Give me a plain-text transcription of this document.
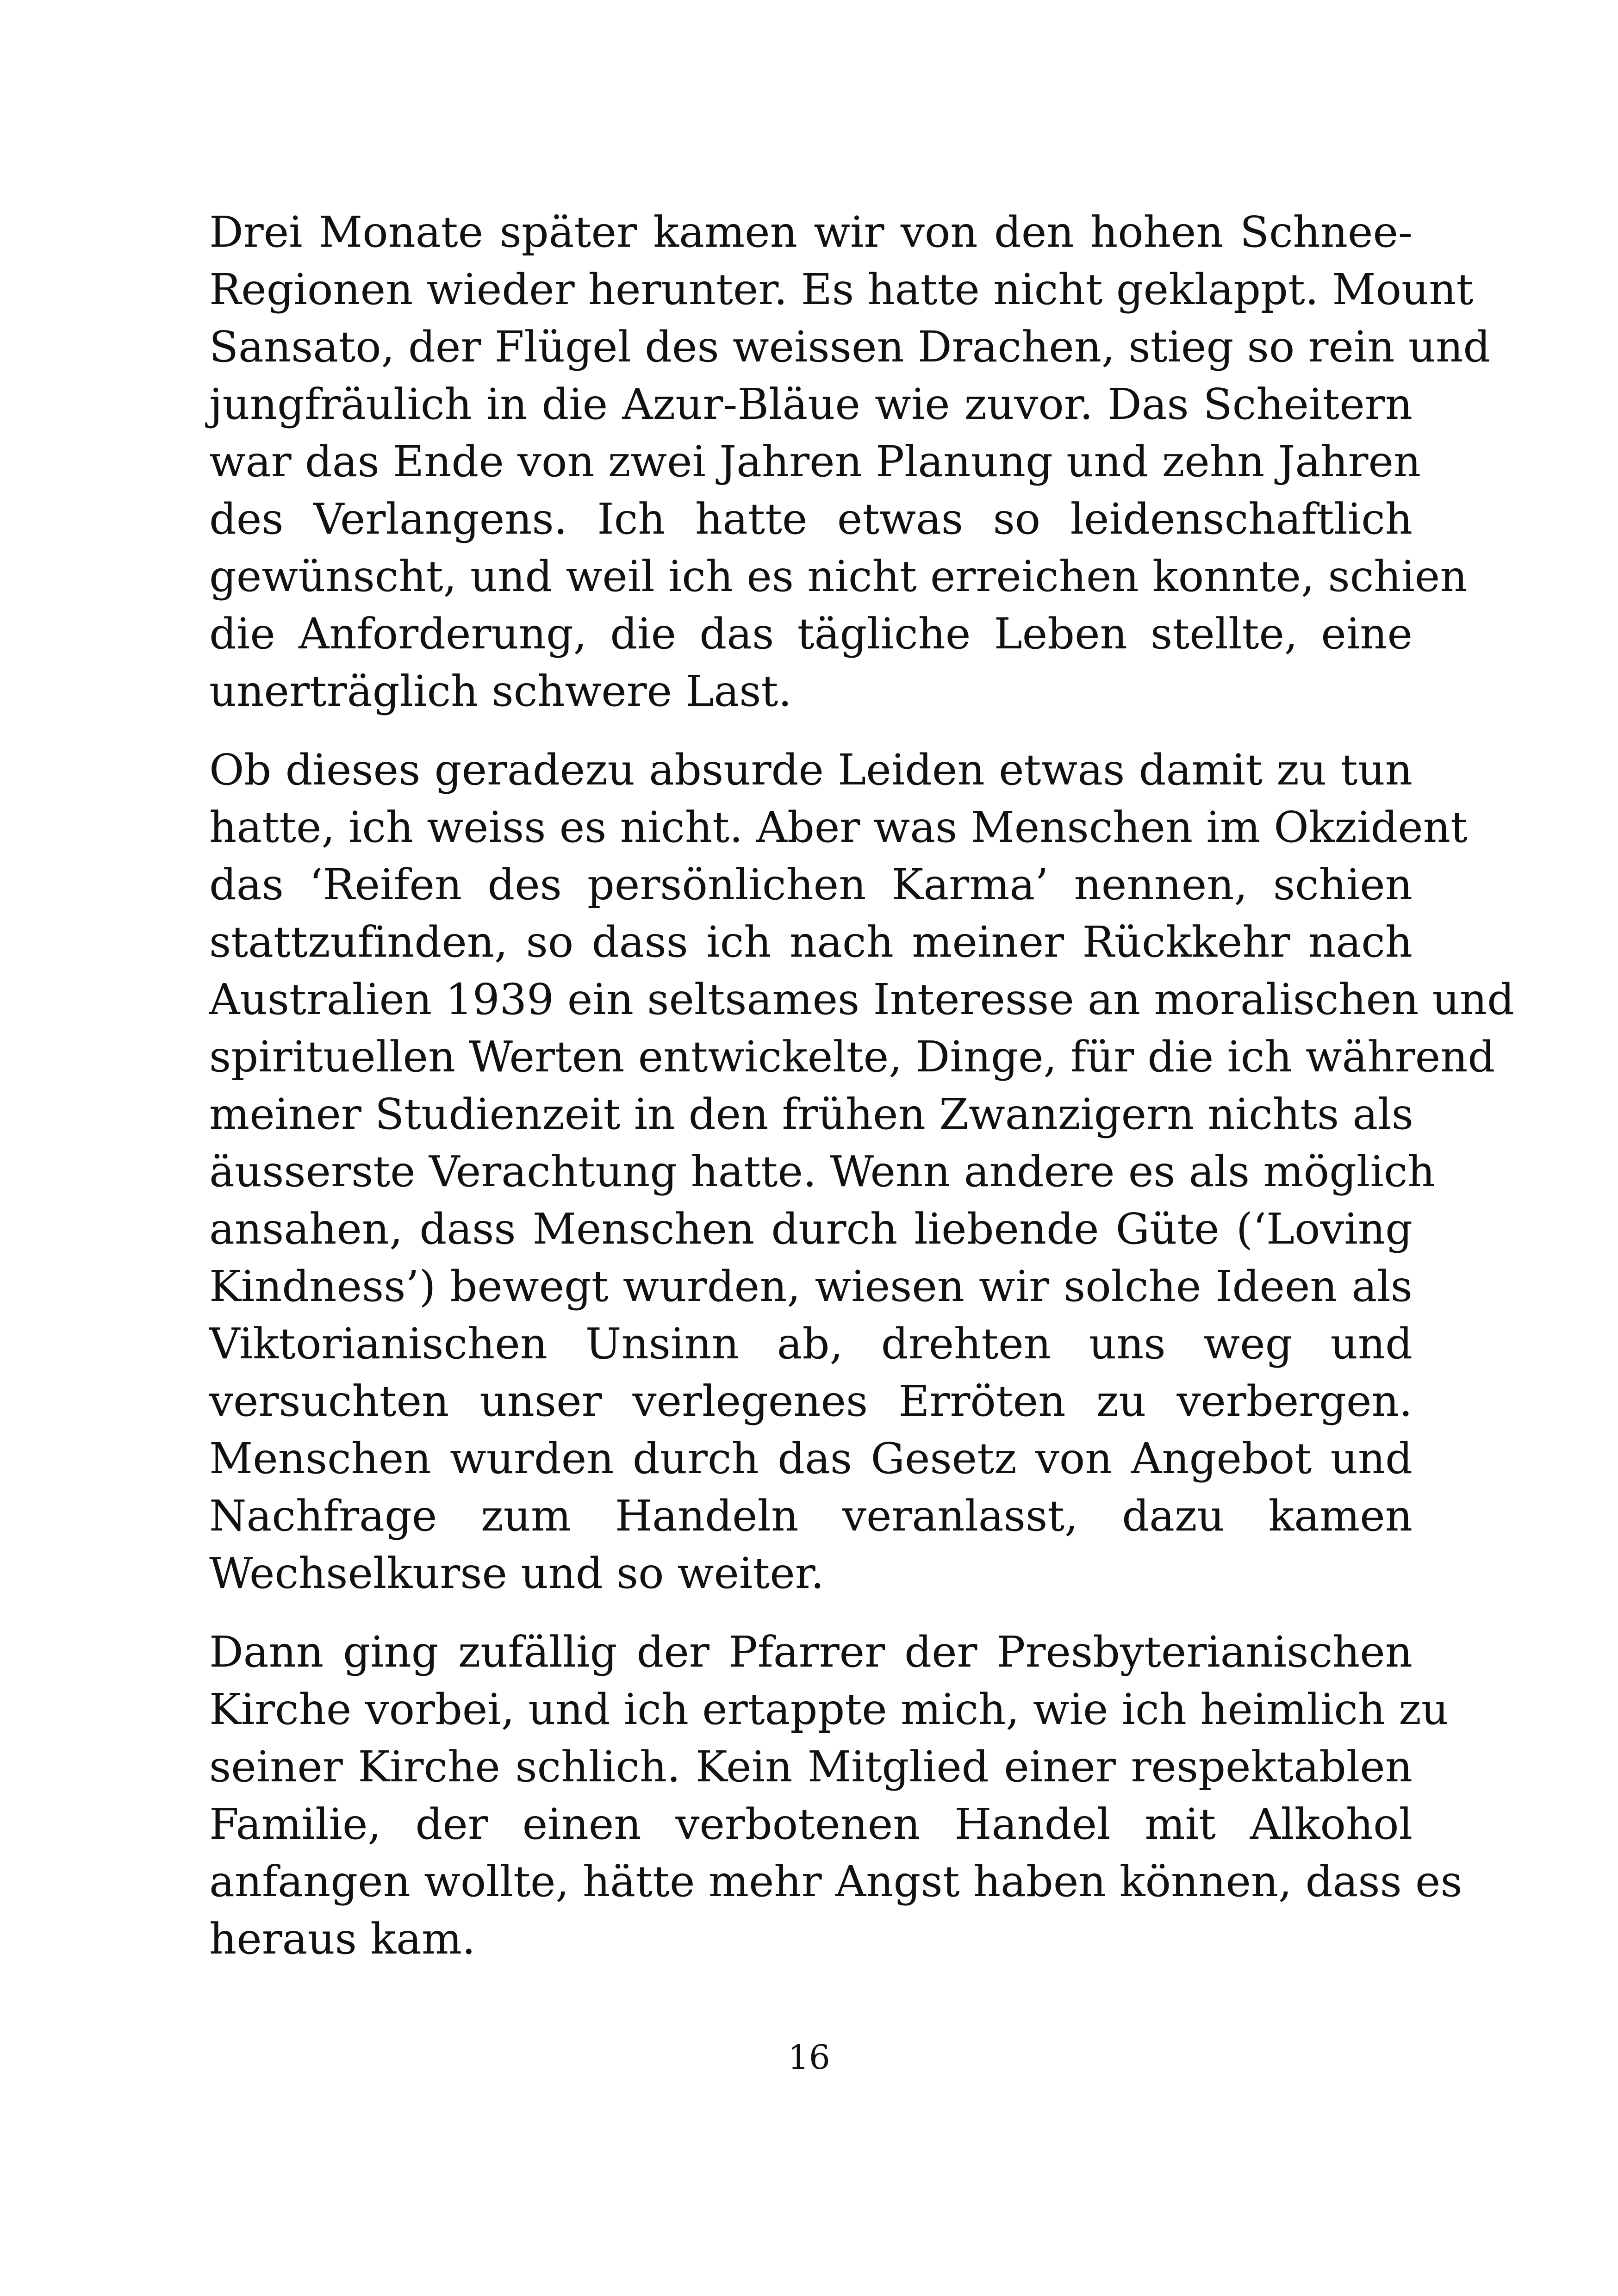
Drei Monate später kamen wir von den hohen Schnee-
Regionen wieder herunter. Es hatte nicht geklappt. Mount
Sansato, der Flügel des weissen Drachen, stieg so rein und
jungfräulich in die Azur-Bläue wie zuvor. Das Scheitern
war das Ende von zwei Jahren Planung und zehn Jahren
des Verlangens. Ich hatte etwas so leidenschaftlich
gewünscht, und weil ich es nicht erreichen konnte, schien
die Anforderung, die das tägliche Leben stellte, eine
unerträglich schwere Last.
Ob dieses geradezu absurde Leiden etwas damit zu tun
hatte, ich weiss es nicht. Aber was Menschen im Okzident
das ‘Reifen des persönlichen Karma’ nennen, schien
stattzufinden, so dass ich nach meiner Rückkehr nach
Australien 1939 ein seltsames Interesse an moralischen und
spirituellen Werten entwickelte, Dinge, für die ich während
meiner Studienzeit in den frühen Zwanzigern nichts als
äusserste Verachtung hatte. Wenn andere es als möglich
ansahen, dass Menschen durch liebende Güte (‘Loving
Kindness’) bewegt wurden, wiesen wir solche Ideen als
Viktorianischen Unsinn ab, drehten uns weg und
versuchten unser verlegenes Erröten zu verbergen.
Menschen wurden durch das Gesetz von Angebot und
Nachfrage zum Handeln veranlasst, dazu kamen
Wechselkurse und so weiter.
Dann ging zufällig der Pfarrer der Presbyterianischen
Kirche vorbei, und ich ertappte mich, wie ich heimlich zu
seiner Kirche schlich. Kein Mitglied einer respektablen
Familie, der einen verbotenen Handel mit Alkohol
anfangen wollte, hätte mehr Angst haben können, dass es
heraus kam.
16
